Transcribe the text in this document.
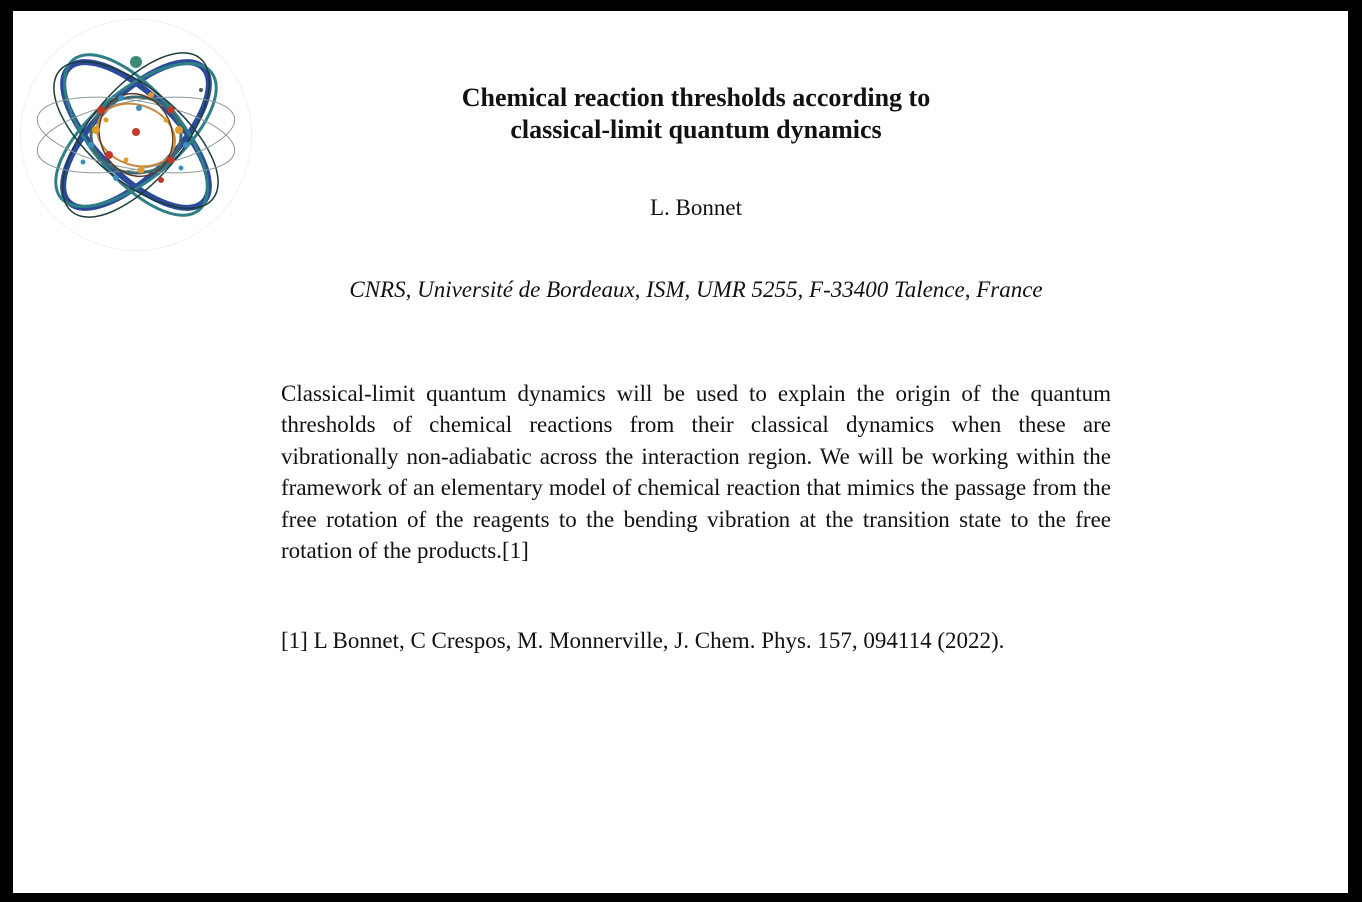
Chemical reaction thresholds according to
classical-limit quantum dynamics
L. Bonnet
CNRS, Université de Bordeaux, ISM, UMR 5255, F-33400 Talence, France

Classical-limit quantum dynamics will be used to explain the origin of the quantum thresholds of chemical reactions from their classical dynamics when these are vibrationally non-adiabatic across the interaction region. We will be working within the framework of an elementary model of chemical reaction that mimics the passage from the free rotation of the reagents to the bending vibration at the transition state to the free rotation of the products.[1]

[1] L Bonnet, C Crespos, M. Monnerville, J. Chem. Phys. 157, 094114 (2022).
